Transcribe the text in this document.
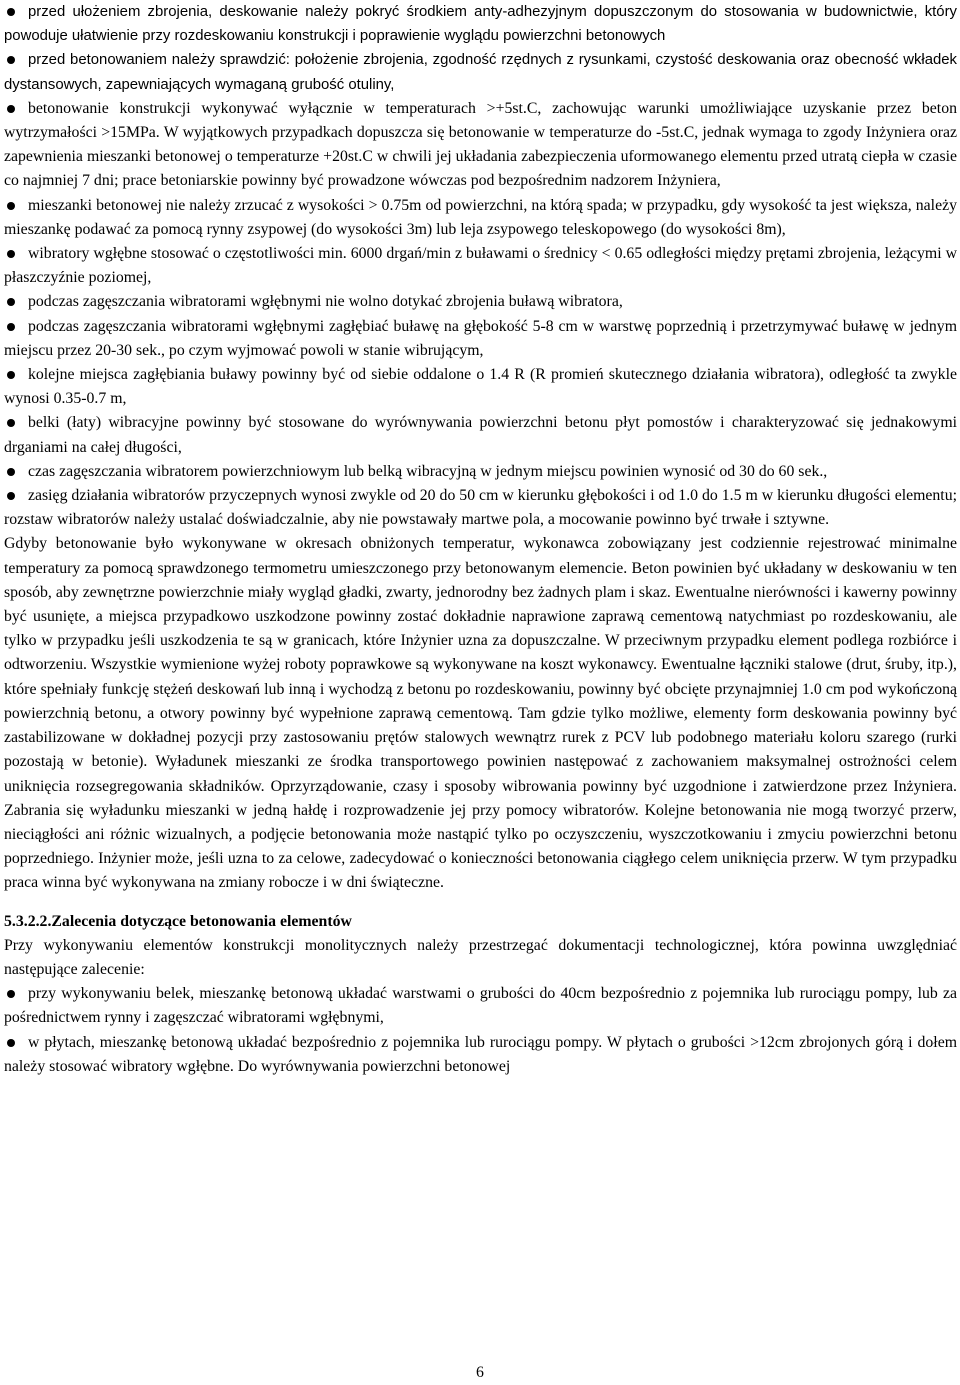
przed ułożeniem zbrojenia, deskowanie należy pokryć środkiem anty-adhezyjnym dopuszczonym do stosowania w budownictwie, który powoduje ułatwienie przy rozdeskowaniu konstrukcji i poprawienie wyglądu powierzchni betonowych
przed betonowaniem należy sprawdzić: położenie zbrojenia, zgodność rzędnych z rysunkami, czystość deskowania oraz obecność wkładek dystansowych, zapewniających wymaganą grubość otuliny,
betonowanie konstrukcji wykonywać wyłącznie w temperaturach >+5st.C, zachowując warunki umożliwiające uzyskanie przez beton wytrzymałości >15MPa. W wyjątkowych przypadkach dopuszcza się betonowanie w temperaturze do -5st.C, jednak wymaga to zgody Inżyniera oraz zapewnienia mieszanki betonowej o temperaturze +20st.C w chwili jej układania zabezpieczenia uformowanego elementu przed utratą ciepła w czasie co najmniej 7 dni; prace betoniarskie powinny być prowadzone wówczas pod bezpośrednim nadzorem Inżyniera,
mieszanki betonowej nie należy zrzucać z wysokości > 0.75m od powierzchni, na którą spada; w przypadku, gdy wysokość ta jest większa, należy mieszankę podawać za pomocą rynny zsypowej (do wysokości 3m) lub leja zsypowego teleskopowego (do wysokości 8m),
wibratory wgłębne stosować o częstotliwości min. 6000 drgań/min z buławami o średnicy < 0.65 odległości między prętami zbrojenia, leżącymi w płaszczyźnie poziomej,
podczas zagęszczania wibratorami wgłębnymi nie wolno dotykać zbrojenia buławą wibratora,
podczas zagęszczania wibratorami wgłębnymi zagłębiać buławę na głębokość 5-8 cm w warstwę poprzednią i przetrzymywać buławę w jednym miejscu przez 20-30 sek., po czym wyjmować powoli w stanie wibrującym,
kolejne miejsca zagłębiania buławy powinny być od siebie oddalone o 1.4 R (R promień skutecznego działania wibratora), odległość ta zwykle wynosi 0.35-0.7 m,
belki (łaty) wibracyjne powinny być stosowane do wyrównywania powierzchni betonu płyt pomostów i charakteryzować się jednakowymi drganiami na całej długości,
czas zagęszczania wibratorem powierzchniowym lub belką wibracyjną w jednym miejscu powinien wynosić od 30 do 60 sek.,
zasięg działania wibratorów przyczepnych wynosi zwykle od 20 do 50 cm w kierunku głębokości i od 1.0 do 1.5 m w kierunku długości elementu; rozstaw wibratorów należy ustalać doświadczalnie, aby nie powstawały martwe pola, a mocowanie powinno być trwałe i sztywne.
Gdyby betonowanie było wykonywane w okresach obniżonych temperatur, wykonawca zobowiązany jest codziennie rejestrować minimalne temperatury za pomocą sprawdzonego termometru umieszczonego przy betonowanym elemencie. Beton powinien być układany w deskowaniu w ten sposób, aby zewnętrzne powierzchnie miały wygląd gładki, zwarty, jednorodny bez żadnych plam i skaz. Ewentualne nierówności i kawerny powinny być usunięte, a miejsca przypadkowo uszkodzone powinny zostać dokładnie naprawione zaprawą cementową natychmiast po rozdeskowaniu, ale tylko w przypadku jeśli uszkodzenia te są w granicach, które Inżynier uzna za dopuszczalne. W przeciwnym przypadku element podlega rozbiórce i odtworzeniu. Wszystkie wymienione wyżej roboty poprawkowe są wykonywane na koszt wykonawcy. Ewentualne łączniki stalowe (drut, śruby, itp.), które spełniały funkcję stężeń deskowań lub inną i wychodzą z betonu po rozdeskowaniu, powinny być obcięte przynajmniej 1.0 cm pod wykończoną powierzchnią betonu, a otwory powinny być wypełnione zaprawą cementową. Tam gdzie tylko możliwe, elementy form deskowania powinny być zastabilizowane w dokładnej pozycji przy zastosowaniu prętów stalowych wewnątrz rurek z PCV lub podobnego materiału koloru szarego (rurki pozostają w betonie). Wyładunek mieszanki ze środka transportowego powinien następować z zachowaniem maksymalnej ostrożności celem uniknięcia rozsegregowania składników. Oprzyrządowanie, czasy i sposoby wibrowania powinny być uzgodnione i zatwierdzone przez Inżyniera. Zabrania się wyładunku mieszanki w jedną hałdę i rozprowadzenie jej przy pomocy wibratorów. Kolejne betonowania nie mogą tworzyć przerw, nieciągłości ani różnic wizualnych, a podjęcie betonowania może nastąpić tylko po oczyszczeniu, wyszczotkowaniu i zmyciu powierzchni betonu poprzedniego. Inżynier może, jeśli uzna to za celowe, zadecydować o konieczności betonowania ciągłego celem uniknięcia przerw. W tym przypadku praca winna być wykonywana na zmiany robocze i w dni świąteczne.
5.3.2.2.Zalecenia dotyczące betonowania elementów
Przy wykonywaniu elementów konstrukcji monolitycznych należy przestrzegać dokumentacji technologicznej, która powinna uwzględniać następujące zalecenie:
przy wykonywaniu belek, mieszankę betonową układać warstwami o grubości do 40cm bezpośrednio z pojemnika lub rurociągu pompy, lub za pośrednictwem rynny i zagęszczać wibratorami wgłębnymi,
w płytach, mieszankę betonową układać bezpośrednio z pojemnika lub rurociągu pompy. W płytach o grubości >12cm zbrojonych górą i dołem należy stosować wibratory wgłębne. Do wyrównywania powierzchni betonowej
6
